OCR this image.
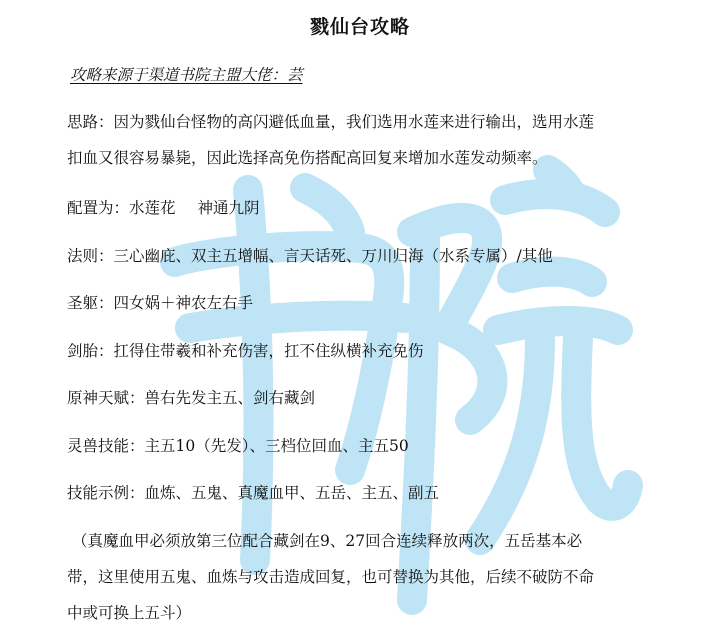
戮仙台攻略

攻略来源于渠道书院主盟大佬：芸

思路：因为戮仙台怪物的高闪避低血量，我们选用水莲来进行输出，选用水莲

扣血又很容易暴毙，因此选择高免伤搭配高回复来增加水莲发动频率。

配置为：水莲花 神通九阴

法则：三心幽庇、双主五增幅、言天话死、万川归海（水系专属）/其他

圣躯：四女娲＋神农左右手

剑胎：扛得住带羲和补充伤害，扛不住纵横补充免伤

原神天赋：兽右先发主五、剑右藏剑

灵兽技能：主五10（先发）、三档位回血、主五50

技能示例：血炼、五鬼、真魔血甲、五岳、主五、副五

（真魔血甲必须放第三位配合藏剑在9、27回合连续释放两次，五岳基本必

带，这里使用五鬼、血炼与攻击造成回复，也可替换为其他，后续不破防不命

中或可换上五斗）
